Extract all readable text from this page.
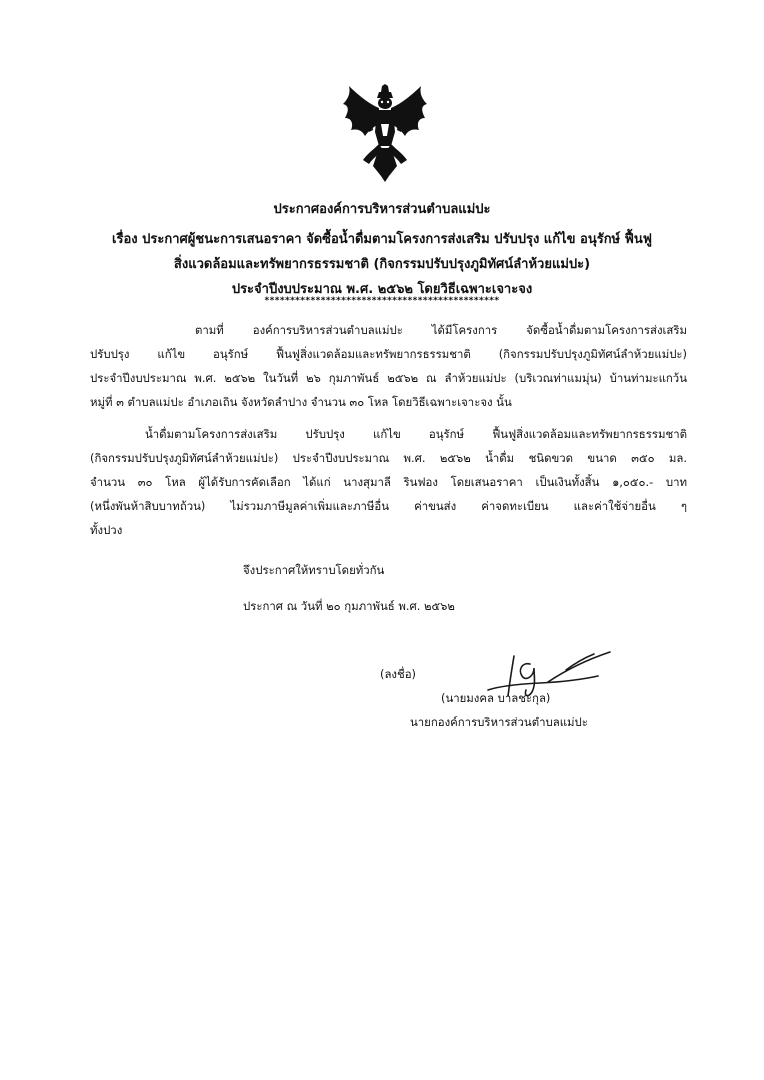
ประกาศองค์การบริหารส่วนตำบลแม่ปะ
เรื่อง ประกาศผู้ชนะการเสนอราคา จัดซื้อน้ำดื่มตามโครงการส่งเสริม ปรับปรุง แก้ไข อนุรักษ์ ฟื้นฟู
สิ่งแวดล้อมและทรัพยากรธรรมชาติ (กิจกรรมปรับปรุงภูมิทัศน์ลำห้วยแม่ปะ)
ประจำปีงบประมาณ พ.ศ. ๒๕๖๒ โดยวิธีเฉพาะเจาะจง
**********************************************
ตามที่ องค์การบริหารส่วนตำบลแม่ปะ ได้มีโครงการ จัดซื้อน้ำดื่มตามโครงการส่งเสริม
ปรับปรุง แก้ไข อนุรักษ์ ฟื้นฟูสิ่งแวดล้อมและทรัพยากรธรรมชาติ (กิจกรรมปรับปรุงภูมิทัศน์ลำห้วยแม่ปะ)
ประจำปีงบประมาณ พ.ศ. ๒๕๖๒ ในวันที่ ๒๖ กุมภาพันธ์ ๒๕๖๒ ณ ลำห้วยแม่ปะ (บริเวณท่าแมมุ่น) บ้านท่ามะแกว้น
หมู่ที่ ๓ ตำบลแม่ปะ อำเภอเถิน จังหวัดลำปาง จำนวน ๓๐ โหล โดยวิธีเฉพาะเจาะจง นั้น
น้ำดื่มตามโครงการส่งเสริม ปรับปรุง แก้ไข อนุรักษ์ ฟื้นฟูสิ่งแวดล้อมและทรัพยากรธรรมชาติ
(กิจกรรมปรับปรุงภูมิทัศน์ลำห้วยแม่ปะ) ประจำปีงบประมาณ พ.ศ. ๒๕๖๒ น้ำดื่ม ชนิดขวด ขนาด ๓๕๐ มล.
จำนวน ๓๐ โหล ผู้ได้รับการคัดเลือก ได้แก่ นางสุมาลี รินฟอง โดยเสนอราคา เป็นเงินทั้งสิ้น ๑,๐๕๐.- บาท
(หนึ่งพันห้าสิบบาทถ้วน) ไม่รวมภาษีมูลค่าเพิ่มและภาษีอื่น ค่าขนส่ง ค่าจดทะเบียน และค่าใช้จ่ายอื่น ๆ
ทั้งปวง
จึงประกาศให้ทราบโดยทั่วกัน
ประกาศ ณ วันที่ ๒๐ กุมภาพันธ์ พ.ศ. ๒๕๖๒
(ลงชื่อ)
(นายมงคล บาลชะกุล)
นายกองค์การบริหารส่วนตำบลแม่ปะ
